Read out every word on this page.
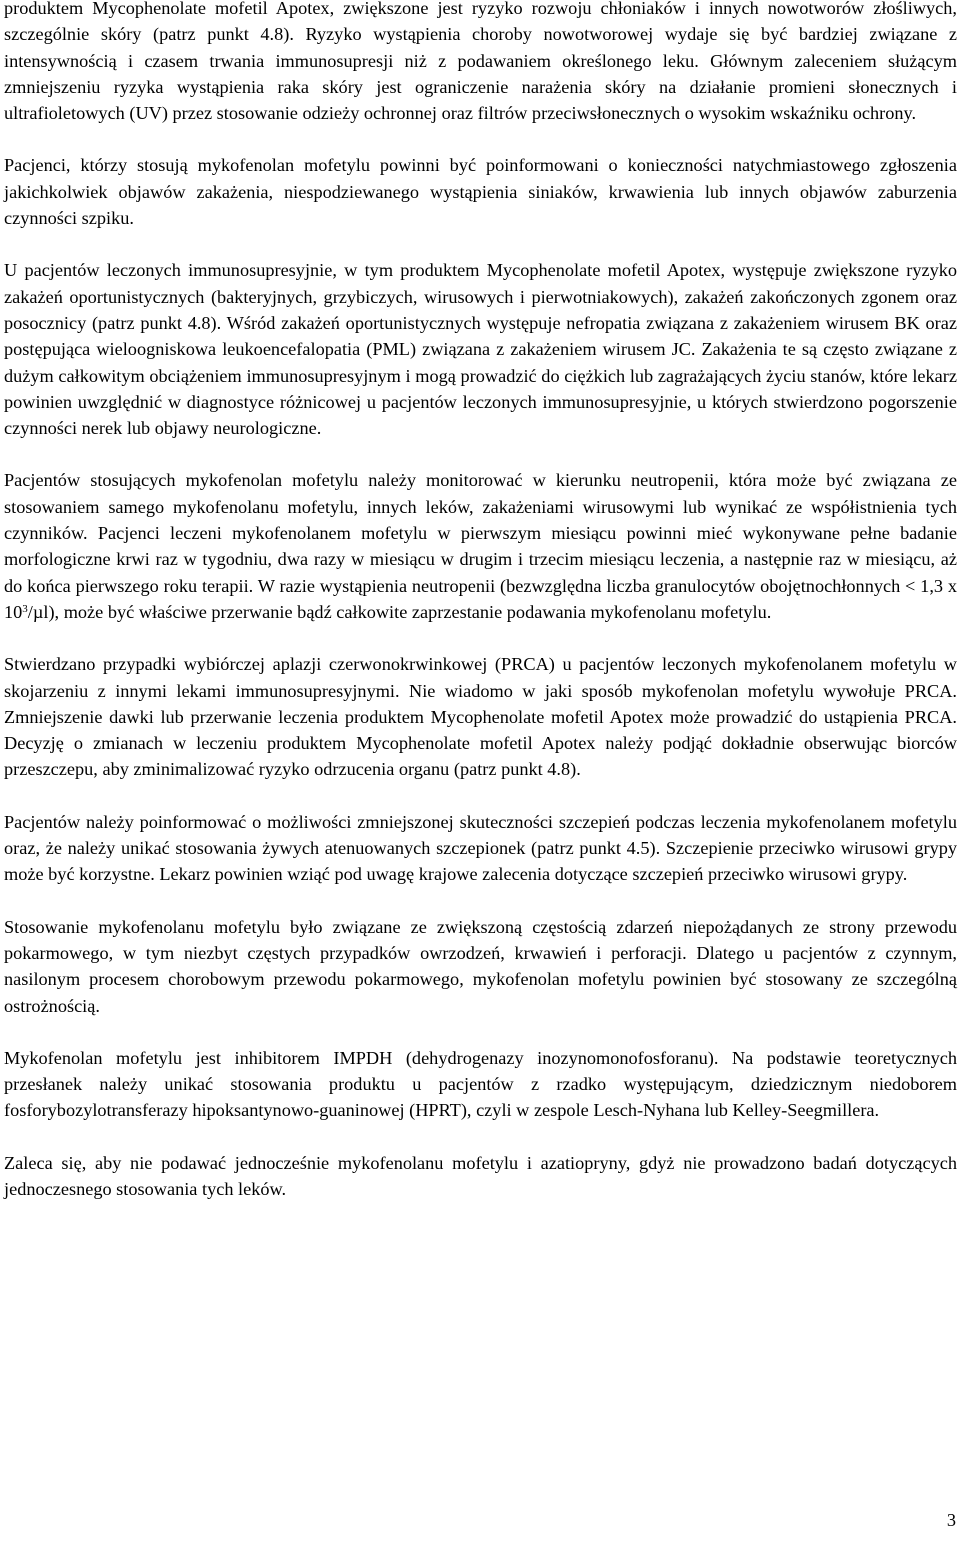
produktem Mycophenolate mofetil Apotex, zwiększone jest ryzyko rozwoju chłoniaków i innych nowotworów złośliwych, szczególnie skóry (patrz punkt 4.8). Ryzyko wystąpienia choroby nowotworowej wydaje się być bardziej związane z intensywnością i czasem trwania immunosupresji niż z podawaniem określonego leku. Głównym zaleceniem służącym zmniejszeniu ryzyka wystąpienia raka skóry jest ograniczenie narażenia skóry na działanie promieni słonecznych i ultrafioletowych (UV) przez stosowanie odzieży ochronnej oraz filtrów przeciwsłonecznych o wysokim wskaźniku ochrony.

Pacjenci, którzy stosują mykofenolan mofetylu powinni być poinformowani o konieczności natychmiastowego zgłoszenia jakichkolwiek objawów zakażenia, niespodziewanego wystąpienia siniaków, krwawienia lub innych objawów zaburzenia czynności szpiku.

U pacjentów leczonych immunosupresyjnie, w tym produktem Mycophenolate mofetil Apotex, występuje zwiększone ryzyko zakażeń oportunistycznych (bakteryjnych, grzybiczych, wirusowych i pierwotniakowych), zakażeń zakończonych zgonem oraz posocznicy (patrz punkt 4.8). Wśród zakażeń oportunistycznych występuje nefropatia związana z zakażeniem wirusem BK oraz postępująca wieloogniskowa leukoencefalopatia (PML) związana z zakażeniem wirusem JC. Zakażenia te są często związane z dużym całkowitym obciążeniem immunosupresyjnym i mogą prowadzić do ciężkich lub zagrażających życiu stanów, które lekarz powinien uwzględnić w diagnostyce różnicowej u pacjentów leczonych immunosupresyjnie, u których stwierdzono pogorszenie czynności nerek lub objawy neurologiczne.

Pacjentów stosujących mykofenolan mofetylu należy monitorować w kierunku neutropenii, która może być związana ze stosowaniem samego mykofenolanu mofetylu, innych leków, zakażeniami wirusowymi lub wynikać ze współistnienia tych czynników. Pacjenci leczeni mykofenolanem mofetylu w pierwszym miesiącu powinni mieć wykonywane pełne badanie morfologiczne krwi raz w tygodniu, dwa razy w miesiącu w drugim i trzecim miesiącu leczenia, a następnie raz w miesiącu, aż do końca pierwszego roku terapii. W razie wystąpienia neutropenii (bezwzględna liczba granulocytów obojętnochłonnych < 1,3 x $10^3/\mu l$), może być właściwe przerwanie bądź całkowite zaprzestanie podawania mykofenolanu mofetylu.

Stwierdzano przypadki wybiórczej aplazji czerwonokrwinkowej (PRCA) u pacjentów leczonych mykofenolanem mofetylu w skojarzeniu z innymi lekami immunosupresyjnymi. Nie wiadomo w jaki sposób mykofenolan mofetylu wywołuje PRCA. Zmniejszenie dawki lub przerwanie leczenia produktem Mycophenolate mofetil Apotex może prowadzić do ustąpienia PRCA. Decyzję o zmianach w leczeniu produktem Mycophenolate mofetil Apotex należy podjąć dokładnie obserwując biorców przeszczepu, aby zminimalizować ryzyko odrzucenia organu (patrz punkt 4.8).

Pacjentów należy poinformować o możliwości zmniejszonej skuteczności szczepień podczas leczenia mykofenolanem mofetylu oraz, że należy unikać stosowania żywych atenuowanych szczepionek (patrz punkt 4.5). Szczepienie przeciwko wirusowi grypy może być korzystne. Lekarz powinien wziąć pod uwagę krajowe zalecenia dotyczące szczepień przeciwko wirusowi grypy.

Stosowanie mykofenolanu mofetylu było związane ze zwiększoną częstością zdarzeń niepożądanych ze strony przewodu pokarmowego, w tym niezbyt częstych przypadków owrzodzeń, krwawień i perforacji. Dlatego u pacjentów z czynnym, nasilonym procesem chorobowym przewodu pokarmowego, mykofenolan mofetylu powinien być stosowany ze szczególną ostrożnością.

Mykofenolan mofetylu jest inhibitorem IMPDH (dehydrogenazy inozynomonofosforanu). Na podstawie teoretycznych przesłanek należy unikać stosowania produktu u pacjentów z rzadko występującym, dziedzicznym niedoborem fosforybozylotransferazy hipoksantynowo-guaninowej (HPRT), czyli w zespole Lesch-Nyhana lub Kelley-Seegmillera.

Zaleca się, aby nie podawać jednocześnie mykofenolanu mofetylu i azatiopryny, gdyż nie prowadzono badań dotyczących jednoczesnego stosowania tych leków.

3
